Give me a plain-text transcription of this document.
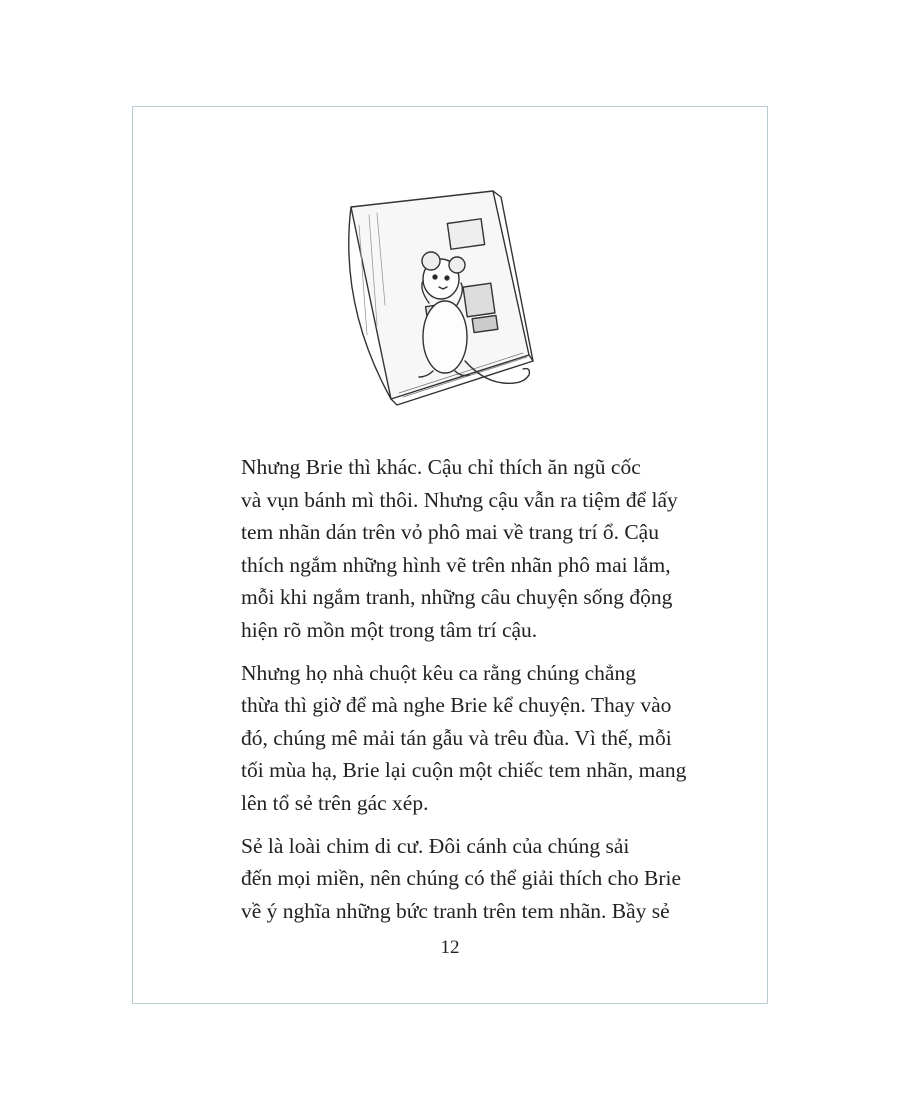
Nhưng Brie thì khác. Cậu chỉ thích ăn ngũ cốc
và vụn bánh mì thôi. Nhưng cậu vẫn ra tiệm để lấy
tem nhãn dán trên vỏ phô mai về trang trí ổ. Cậu
thích ngắm những hình vẽ trên nhãn phô mai lắm,
mỗi khi ngắm tranh, những câu chuyện sống động
hiện rõ mồn một trong tâm trí cậu.

Nhưng họ nhà chuột kêu ca rằng chúng chẳng
thừa thì giờ để mà nghe Brie kể chuyện. Thay vào
đó, chúng mê mải tán gẫu và trêu đùa. Vì thế, mỗi
tối mùa hạ, Brie lại cuộn một chiếc tem nhãn, mang
lên tổ sẻ trên gác xép.

Sẻ là loài chim di cư. Đôi cánh của chúng sải
đến mọi miền, nên chúng có thể giải thích cho Brie
về ý nghĩa những bức tranh trên tem nhãn. Bầy sẻ

12
